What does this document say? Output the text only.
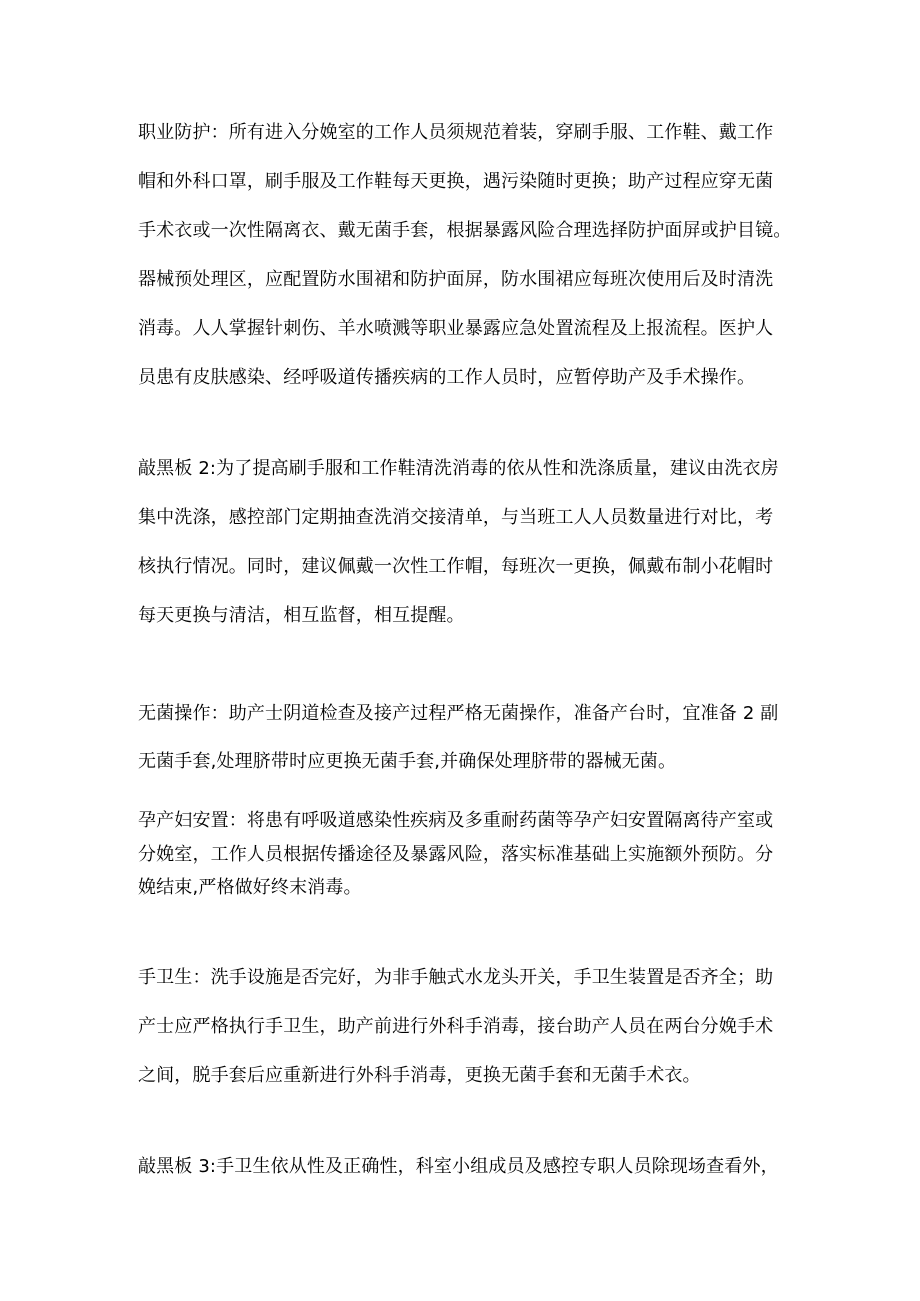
职业防护：所有进入分娩室的工作人员须规范着装，穿刷手服、工作鞋、戴工作
帽和外科口罩，刷手服及工作鞋每天更换，遇污染随时更换；助产过程应穿无菌
手术衣或一次性隔离衣、戴无菌手套，根据暴露风险合理选择防护面屏或护目镜。
器械预处理区，应配置防水围裙和防护面屏，防水围裙应每班次使用后及时清洗
消毒。人人掌握针刺伤、羊水喷溅等职业暴露应急处置流程及上报流程。医护人
员患有皮肤感染、经呼吸道传播疾病的工作人员时，应暂停助产及手术操作。
敲黑板 2:为了提高刷手服和工作鞋清洗消毒的依从性和洗涤质量，建议由洗衣房
集中洗涤，感控部门定期抽查洗消交接清单，与当班工人人员数量进行对比，考
核执行情况。同时，建议佩戴一次性工作帽，每班次一更换，佩戴布制小花帽时
每天更换与清洁，相互监督，相互提醒。
无菌操作：助产士阴道检查及接产过程严格无菌操作，准备产台时，宜准备 2 副
无菌手套,处理脐带时应更换无菌手套,并确保处理脐带的器械无菌。
孕产妇安置：将患有呼吸道感染性疾病及多重耐药菌等孕产妇安置隔离待产室或
分娩室，工作人员根据传播途径及暴露风险，落实标准基础上实施额外预防。分
娩结束,严格做好终末消毒。
手卫生：洗手设施是否完好，为非手触式水龙头开关，手卫生装置是否齐全；助
产士应严格执行手卫生，助产前进行外科手消毒，接台助产人员在两台分娩手术
之间，脱手套后应重新进行外科手消毒，更换无菌手套和无菌手术衣。
敲黑板 3:手卫生依从性及正确性，科室小组成员及感控专职人员除现场查看外，
